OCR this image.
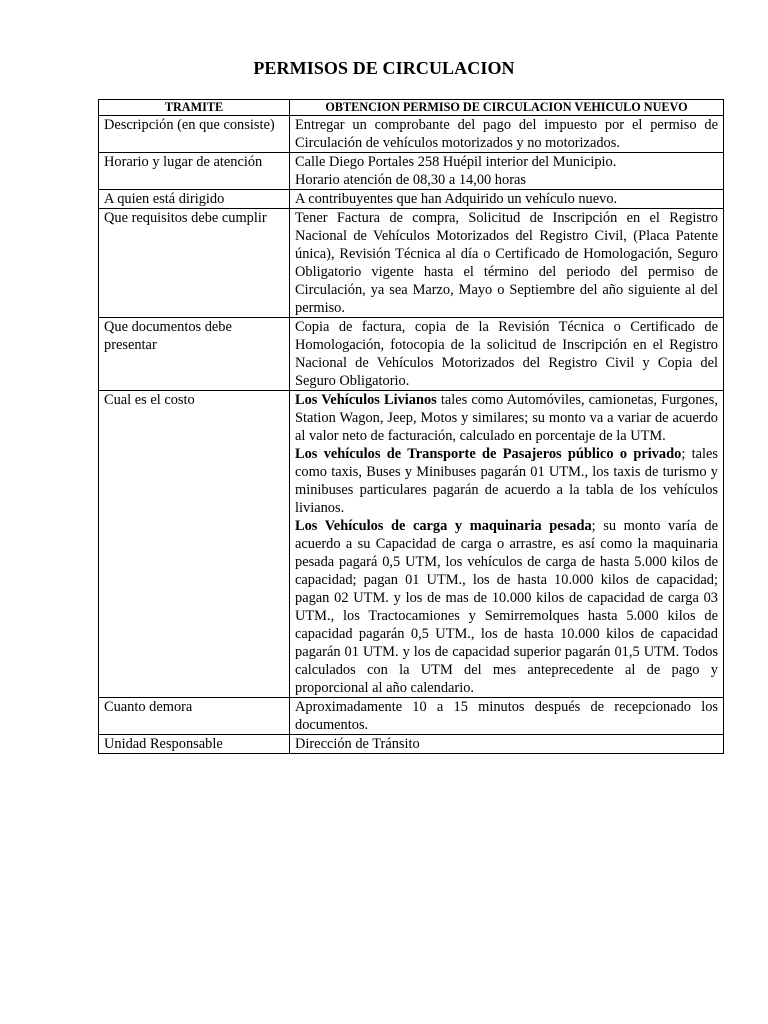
PERMISOS DE CIRCULACION
TRAMITE	OBTENCION PERMISO DE CIRCULACION VEHICULO NUEVO
Descripción (en que consiste)	Entregar un comprobante del pago del impuesto por el permiso de Circulación de vehículos motorizados y no motorizados.
Horario y lugar de atención	Calle Diego Portales 258 Huépil interior del Municipio.

Horario atención de 08,30 a 14,00 horas

A quien está dirigido	A contribuyentes que han Adquirido un vehículo nuevo.
Que requisitos debe cumplir	Tener Factura de compra, Solicitud de Inscripción en el Registro Nacional de Vehículos Motorizados del Registro Civil, (Placa Patente única), Revisión Técnica al día o Certificado de Homologación, Seguro Obligatorio vigente hasta el término del periodo del permiso de Circulación, ya sea Marzo, Mayo o Septiembre del año siguiente al del permiso.
Que documentos debe presentar	Copia de factura, copia de la Revisión Técnica o Certificado de Homologación, fotocopia de la solicitud de Inscripción en el Registro Nacional de Vehículos Motorizados del Registro Civil y Copia del Seguro Obligatorio.
Cual es el costo	Los Vehículos Livianos tales como Automóviles, camionetas, Furgones, Station Wagon, Jeep, Motos y similares; su monto va a variar de acuerdo al valor neto de facturación, calculado en porcentaje de la UTM.

Los vehículos de Transporte de Pasajeros público o privado; tales como taxis, Buses y Minibuses pagarán 01 UTM., los taxis de turismo y minibuses particulares pagarán de acuerdo a la tabla de los vehículos livianos.

Los Vehículos de carga y maquinaria pesada; su monto varía de acuerdo a su Capacidad de carga o arrastre, es así como la maquinaria pesada pagará 0,5 UTM, los vehículos de carga de hasta 5.000 kilos de capacidad; pagan 01 UTM., los de hasta 10.000 kilos de capacidad; pagan 02 UTM. y los de mas de 10.000 kilos de capacidad de carga 03 UTM., los Tractocamiones y Semirremolques hasta 5.000 kilos de capacidad pagarán 0,5 UTM., los de hasta 10.000 kilos de capacidad pagarán 01 UTM. y los de capacidad superior pagarán 01,5 UTM. Todos calculados con la UTM del mes anteprecedente al de pago y proporcional al año calendario.

Cuanto demora	Aproximadamente 10 a 15 minutos después de recepcionado los documentos.
Unidad Responsable	Dirección de Tránsito
